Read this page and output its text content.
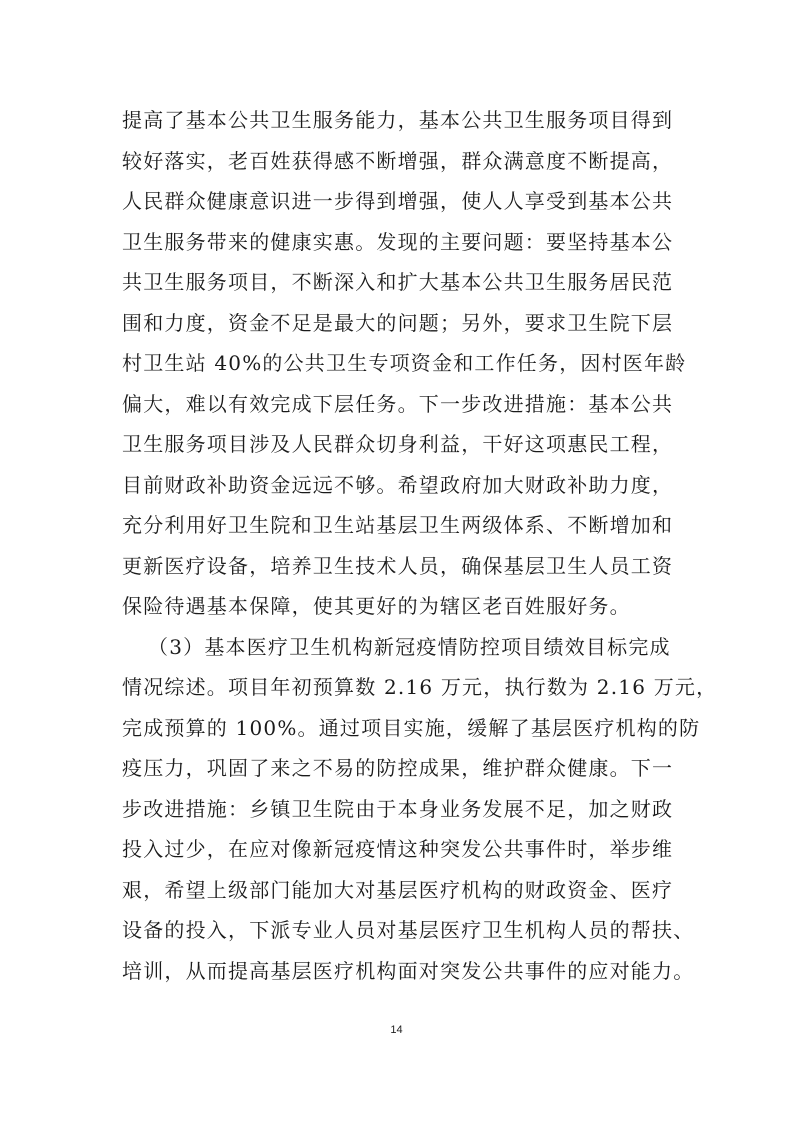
提高了基本公共卫生服务能力，基本公共卫生服务项目得到
较好落实，老百姓获得感不断增强，群众满意度不断提高，
人民群众健康意识进一步得到增强，使人人享受到基本公共
卫生服务带来的健康实惠。发现的主要问题：要坚持基本公
共卫生服务项目，不断深入和扩大基本公共卫生服务居民范
围和力度，资金不足是最大的问题；另外，要求卫生院下层
村卫生站 40%的公共卫生专项资金和工作任务，因村医年龄
偏大，难以有效完成下层任务。下一步改进措施：基本公共
卫生服务项目涉及人民群众切身利益，干好这项惠民工程，
目前财政补助资金远远不够。希望政府加大财政补助力度，
充分利用好卫生院和卫生站基层卫生两级体系、不断增加和
更新医疗设备，培养卫生技术人员，确保基层卫生人员工资
保险待遇基本保障，使其更好的为辖区老百姓服好务。
（3）基本医疗卫生机构新冠疫情防控项目绩效目标完成
情况综述。项目年初预算数 2.16 万元，执行数为 2.16 万元，
完成预算的 100%。通过项目实施，缓解了基层医疗机构的防
疫压力，巩固了来之不易的防控成果，维护群众健康。下一
步改进措施：乡镇卫生院由于本身业务发展不足，加之财政
投入过少，在应对像新冠疫情这种突发公共事件时，举步维
艰，希望上级部门能加大对基层医疗机构的财政资金、医疗
设备的投入，下派专业人员对基层医疗卫生机构人员的帮扶、
培训，从而提高基层医疗机构面对突发公共事件的应对能力。
14
